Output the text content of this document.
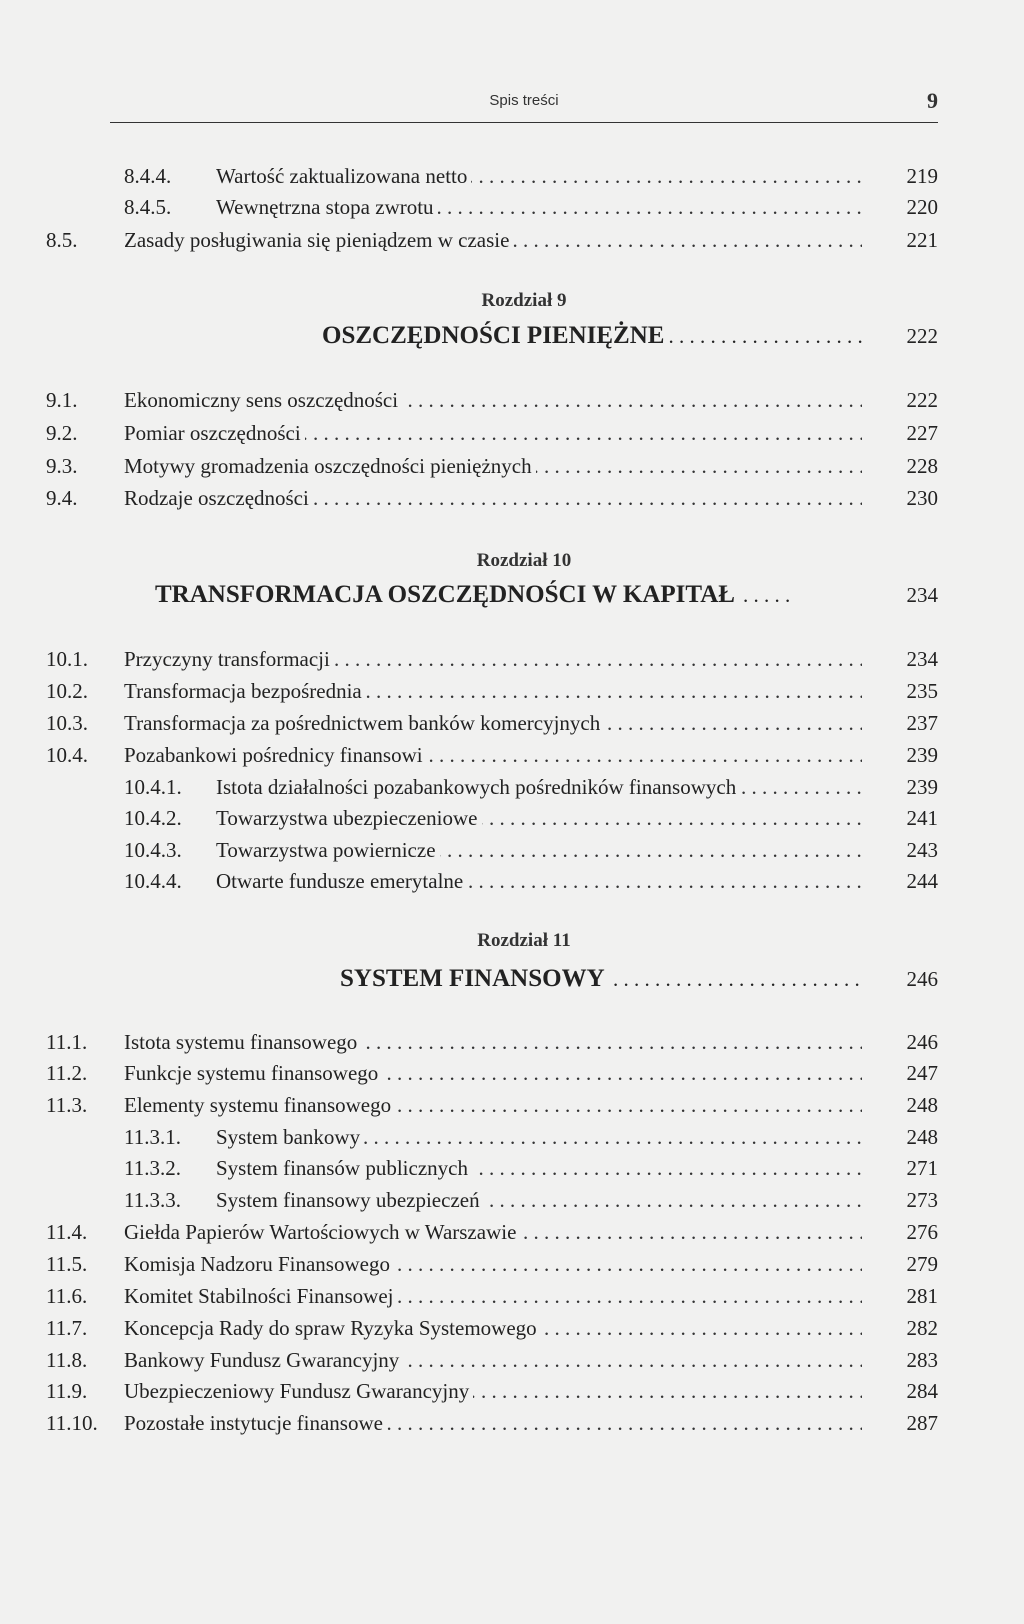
Spis treści	9
8.4.4. Wartość zaktualizowana netto . . .	219
8.4.5. Wewnętrzna stopa zwrotu . . .	220
8.5. Zasady posługiwania się pieniądzem w czasie . . .	221
Rozdział 9
OSZCZĘDNOŚCI PIENIĘŻNE . . .	222
9.1. Ekonomiczny sens oszczędności . . .	222
9.2. Pomiar oszczędności . . .	227
9.3. Motywy gromadzenia oszczędności pieniężnych . . .	228
9.4. Rodzaje oszczędności . . .	230
Rozdział 10
TRANSFORMACJA OSZCZĘDNOŚCI W KAPITAŁ . . .	234
10.1. Przyczyny transformacji . . .	234
10.2. Transformacja bezpośrednia . . .	235
10.3. Transformacja za pośrednictwem banków komercyjnych . . .	237
10.4. Pozabankowi pośrednicy finansowi . . .	239
10.4.1. Istota działalności pozabankowych pośredników finansowych . . .	239
10.4.2. Towarzystwa ubezpieczeniowe . . .	241
10.4.3. Towarzystwa powiernicze . . .	243
10.4.4. Otwarte fundusze emerytalne . . .	244
Rozdział 11
SYSTEM FINANSOWY . . .	246
11.1. Istota systemu finansowego . . .	246
11.2. Funkcje systemu finansowego . . .	247
11.3. Elementy systemu finansowego . . .	248
11.3.1. System bankowy . . .	248
11.3.2. System finansów publicznych . . .	271
11.3.3. System finansowy ubezpieczeń . . .	273
11.4. Giełda Papierów Wartościowych w Warszawie . . .	276
11.5. Komisja Nadzoru Finansowego . . .	279
11.6. Komitet Stabilności Finansowej . . .	281
11.7. Koncepcja Rady do spraw Ryzyka Systemowego . . .	282
11.8. Bankowy Fundusz Gwarancyjny . . .	283
11.9. Ubezpieczeniowy Fundusz Gwarancyjny . . .	284
11.10. Pozostałe instytucje finansowe . . .	287
